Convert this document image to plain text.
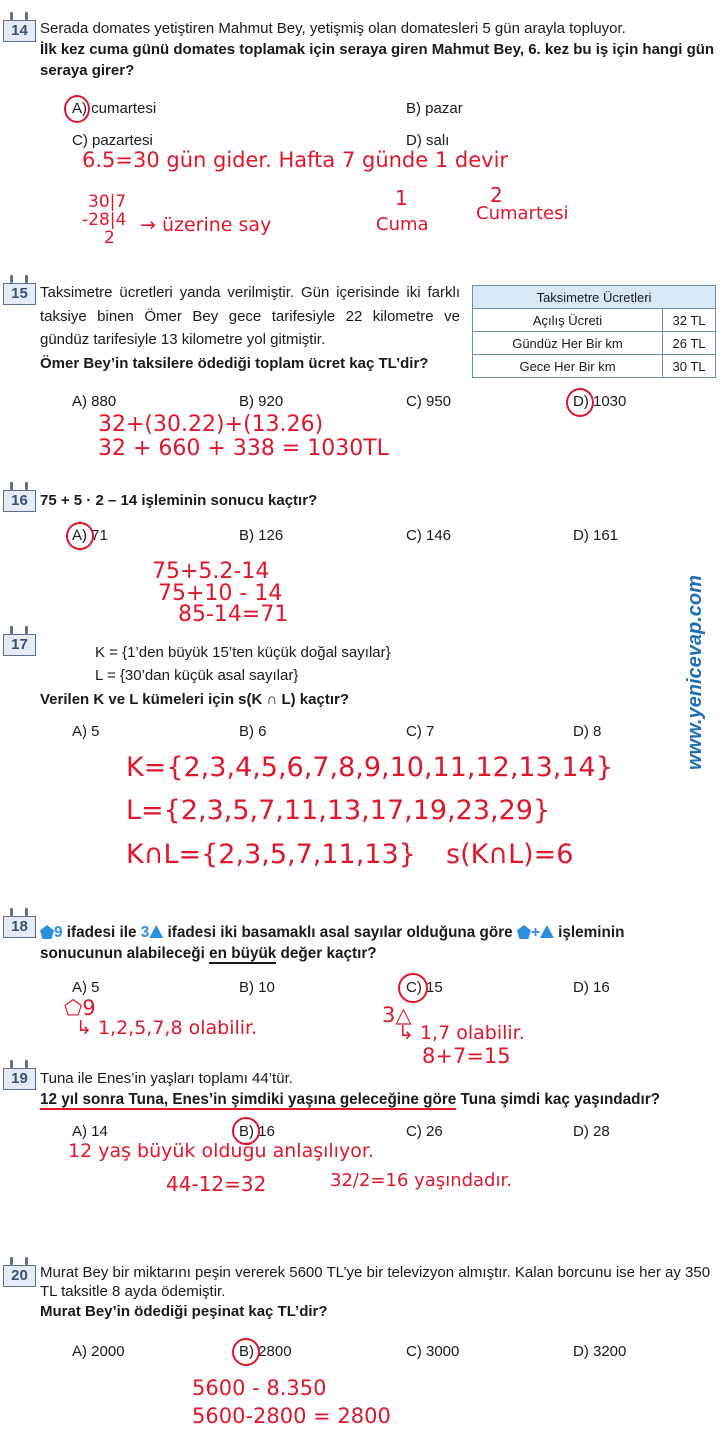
14 Serada domates yetiştiren Mahmut Bey, yetişmiş olan domatesleri 5 gün arayla topluyor.
İlk kez cuma günü domates toplamak için seraya giren Mahmut Bey, 6. kez bu iş için hangi gün seraya girer?
A) cumartesi	B) pazar
C) pazartesi	D) salı
6.5=30 gün gider. Hafta 7 günde 1 devir
30|7
-28|4
2
→ üzerine say
1
Cuma
2
Cumartesi
15 Taksimetre ücretleri yanda verilmiştir. Gün içerisinde iki farklı taksiye binen Ömer Bey gece tarifesiyle 22 kilometre ve gündüz tarifesiyle 13 kilometre yol gitmiştir.
Ömer Bey’in taksilere ödediği toplam ücret kaç TL’dir?
Taksimetre Ücretleri	
Açılış Ücreti	32 TL
Gündüz Her Bir km	26 TL
Gece Her Bir km	30 TL
A) 880	B) 920	C) 950	D) 1030
32+(30.22)+(13.26)
32 + 660 + 338 = 1030TL
16 75 + 5 · 2 – 14 işleminin sonucu kaçtır?
A) 71	B) 126	C) 146	D) 161
75+5.2-14
75+10 - 14
85-14=71
17	K = {1’den büyük 15’ten küçük doğal sayılar}
L = {30’dan küçük asal sayılar}
Verilen K ve L kümeleri için s(K ∩ L) kaçtır?
A) 5	B) 6	C) 7	D) 8
K={2,3,4,5,6,7,8,9,10,11,12,13,14}
L={2,3,5,7,11,13,17,19,23,29}
K∩L={2,3,5,7,11,13} s(K∩L)=6
www.yenicevap.com
18	9 ifadesi ile 3 ifadesi iki basamaklı asal sayılar olduğuna göre + işleminin
sonucunun alabileceği en büyük değer kaçtır?
A) 5	B) 10	C) 15	D) 16
⬠9
↳ 1,2,5,7,8 olabilir.
3△
↳ 1,7 olabilir.
8+7=15
19 Tuna ile Enes’in yaşları toplamı 44’tür.
12 yıl sonra Tuna, Enes’in şimdiki yaşına geleceğine göre Tuna şimdi kaç yaşındadır?
A) 14	B) 16	C) 26	D) 28
12 yaş büyük olduğu anlaşılıyor.
44-12=32	32/2=16 yaşındadır.
20 Murat Bey bir miktarını peşin vererek 5600 TL’ye bir televizyon almıştır. Kalan borcunu ise her ay 350 TL taksitle 8 ayda ödemiştir.
Murat Bey’in ödediği peşinat kaç TL’dir?
A) 2000	B) 2800	C) 3000	D) 3200
5600 - 8.350
5600-2800 = 2800
